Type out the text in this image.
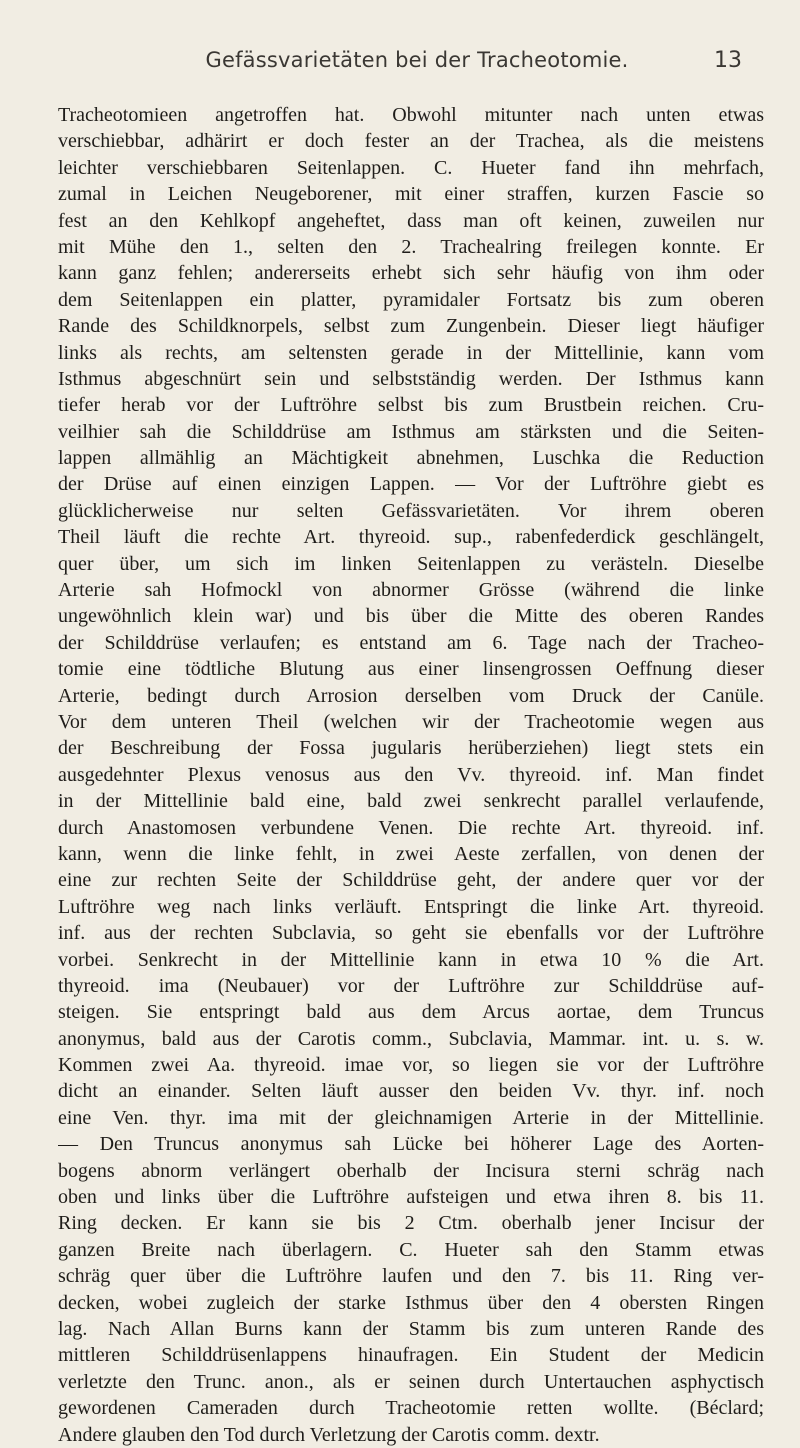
Gefässvarietäten bei der Tracheotomie.	13
Tracheotomieen angetroffen hat. Obwohl mitunter nach unten etwas
verschiebbar, adhärirt er doch fester an der Trachea, als die meistens
leichter verschiebbaren Seitenlappen. C. Hueter fand ihn mehrfach,
zumal in Leichen Neugeborener, mit einer straffen, kurzen Fascie so
fest an den Kehlkopf angeheftet, dass man oft keinen, zuweilen nur
mit Mühe den 1., selten den 2. Trachealring freilegen konnte. Er
kann ganz fehlen; andererseits erhebt sich sehr häufig von ihm oder
dem Seitenlappen ein platter, pyramidaler Fortsatz bis zum oberen
Rande des Schildknorpels, selbst zum Zungenbein. Dieser liegt häufiger
links als rechts, am seltensten gerade in der Mittellinie, kann vom
Isthmus abgeschnürt sein und selbstständig werden. Der Isthmus kann
tiefer herab vor der Luftröhre selbst bis zum Brustbein reichen. Cru-
veilhier sah die Schilddrüse am Isthmus am stärksten und die Seiten-
lappen allmählig an Mächtigkeit abnehmen, Luschka die Reduction
der Drüse auf einen einzigen Lappen. — Vor der Luftröhre giebt es
glücklicherweise nur selten Gefässvarietäten. Vor ihrem oberen
Theil läuft die rechte Art. thyreoid. sup., rabenfederdick geschlängelt,
quer über, um sich im linken Seitenlappen zu verästeln. Dieselbe
Arterie sah Hofmockl von abnormer Grösse (während die linke
ungewöhnlich klein war) und bis über die Mitte des oberen Randes
der Schilddrüse verlaufen; es entstand am 6. Tage nach der Tracheo-
tomie eine tödtliche Blutung aus einer linsengrossen Oeffnung dieser
Arterie, bedingt durch Arrosion derselben vom Druck der Canüle.
Vor dem unteren Theil (welchen wir der Tracheotomie wegen aus
der Beschreibung der Fossa jugularis herüberziehen) liegt stets ein
ausgedehnter Plexus venosus aus den Vv. thyreoid. inf. Man findet
in der Mittellinie bald eine, bald zwei senkrecht parallel verlaufende,
durch Anastomosen verbundene Venen. Die rechte Art. thyreoid. inf.
kann, wenn die linke fehlt, in zwei Aeste zerfallen, von denen der
eine zur rechten Seite der Schilddrüse geht, der andere quer vor der
Luftröhre weg nach links verläuft. Entspringt die linke Art. thyreoid.
inf. aus der rechten Subclavia, so geht sie ebenfalls vor der Luftröhre
vorbei. Senkrecht in der Mittellinie kann in etwa 10 % die Art.
thyreoid. ima (Neubauer) vor der Luftröhre zur Schilddrüse auf-
steigen. Sie entspringt bald aus dem Arcus aortae, dem Truncus
anonymus, bald aus der Carotis comm., Subclavia, Mammar. int. u. s. w.
Kommen zwei Aa. thyreoid. imae vor, so liegen sie vor der Luftröhre
dicht an einander. Selten läuft ausser den beiden Vv. thyr. inf. noch
eine Ven. thyr. ima mit der gleichnamigen Arterie in der Mittellinie.
— Den Truncus anonymus sah Lücke bei höherer Lage des Aorten-
bogens abnorm verlängert oberhalb der Incisura sterni schräg nach
oben und links über die Luftröhre aufsteigen und etwa ihren 8. bis 11.
Ring decken. Er kann sie bis 2 Ctm. oberhalb jener Incisur der
ganzen Breite nach überlagern. C. Hueter sah den Stamm etwas
schräg quer über die Luftröhre laufen und den 7. bis 11. Ring ver-
decken, wobei zugleich der starke Isthmus über den 4 obersten Ringen
lag. Nach Allan Burns kann der Stamm bis zum unteren Rande des
mittleren Schilddrüsenlappens hinaufragen. Ein Student der Medicin
verletzte den Trunc. anon., als er seinen durch Untertauchen asphyctisch
gewordenen Cameraden durch Tracheotomie retten wollte. (Béclard;
Andere glauben den Tod durch Verletzung der Carotis comm. dextr.
